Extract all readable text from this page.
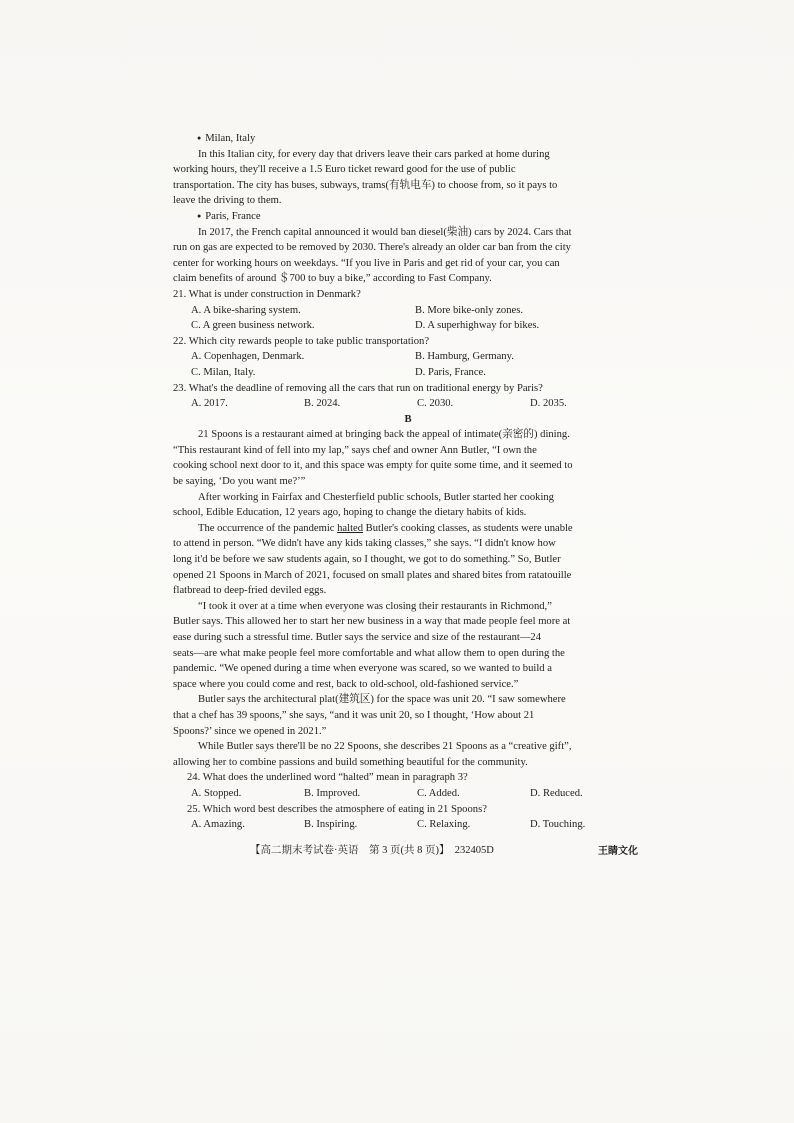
● Milan, Italy
In this Italian city, for every day that drivers leave their cars parked at home during
working hours, they'll receive a 1.5 Euro ticket reward good for the use of public
transportation. The city has buses, subways, trams(有轨电车) to choose from, so it pays to
leave the driving to them.
● Paris, France
In 2017, the French capital announced it would ban diesel(柴油) cars by 2024. Cars that
run on gas are expected to be removed by 2030. There's already an older car ban from the city
center for working hours on weekdays. “If you live in Paris and get rid of your car, you can
claim benefits of around ＄700 to buy a bike,” according to Fast Company.
21. What is under construction in Denmark?
A. A bike-sharing system.	B. More bike-only zones.
C. A green business network.	D. A superhighway for bikes.
22. Which city rewards people to take public transportation?
A. Copenhagen, Denmark.	B. Hamburg, Germany.
C. Milan, Italy.	D. Paris, France.
23. What's the deadline of removing all the cars that run on traditional energy by Paris?
A. 2017.	B. 2024.	C. 2030.	D. 2035.
B
21 Spoons is a restaurant aimed at bringing back the appeal of intimate(亲密的) dining.
“This restaurant kind of fell into my lap,” says chef and owner Ann Butler, “I own the
cooking school next door to it, and this space was empty for quite some time, and it seemed to
be saying, ‘Do you want me?’”
After working in Fairfax and Chesterfield public schools, Butler started her cooking
school, Edible Education, 12 years ago, hoping to change the dietary habits of kids.
The occurrence of the pandemic halted Butler's cooking classes, as students were unable
to attend in person. “We didn't have any kids taking classes,” she says. “I didn't know how
long it'd be before we saw students again, so I thought, we got to do something.” So, Butler
opened 21 Spoons in March of 2021, focused on small plates and shared bites from ratatouille
flatbread to deep-fried deviled eggs.
“I took it over at a time when everyone was closing their restaurants in Richmond,”
Butler says. This allowed her to start her new business in a way that made people feel more at
ease during such a stressful time. Butler says the service and size of the restaurant—24
seats—are what make people feel more comfortable and what allow them to open during the
pandemic. “We opened during a time when everyone was scared, so we wanted to build a
space where you could come and rest, back to old-school, old-fashioned service.”
Butler says the architectural plat(建筑区) for the space was unit 20. “I saw somewhere
that a chef has 39 spoons,” she says, “and it was unit 20, so I thought, ‘How about 21
Spoons?’ since we opened in 2021.”
While Butler says there'll be no 22 Spoons, she describes 21 Spoons as a “creative gift”,
allowing her to combine passions and build something beautiful for the community.
24. What does the underlined word “halted” mean in paragraph 3?
A. Stopped.	B. Improved.	C. Added.	D. Reduced.
25. Which word best describes the atmosphere of eating in 21 Spoons?
A. Amazing.	B. Inspiring.	C. Relaxing.	D. Touching.
【高二期末考试卷·英语　第 3 页(共 8 页)】　232405D	王睛文化
